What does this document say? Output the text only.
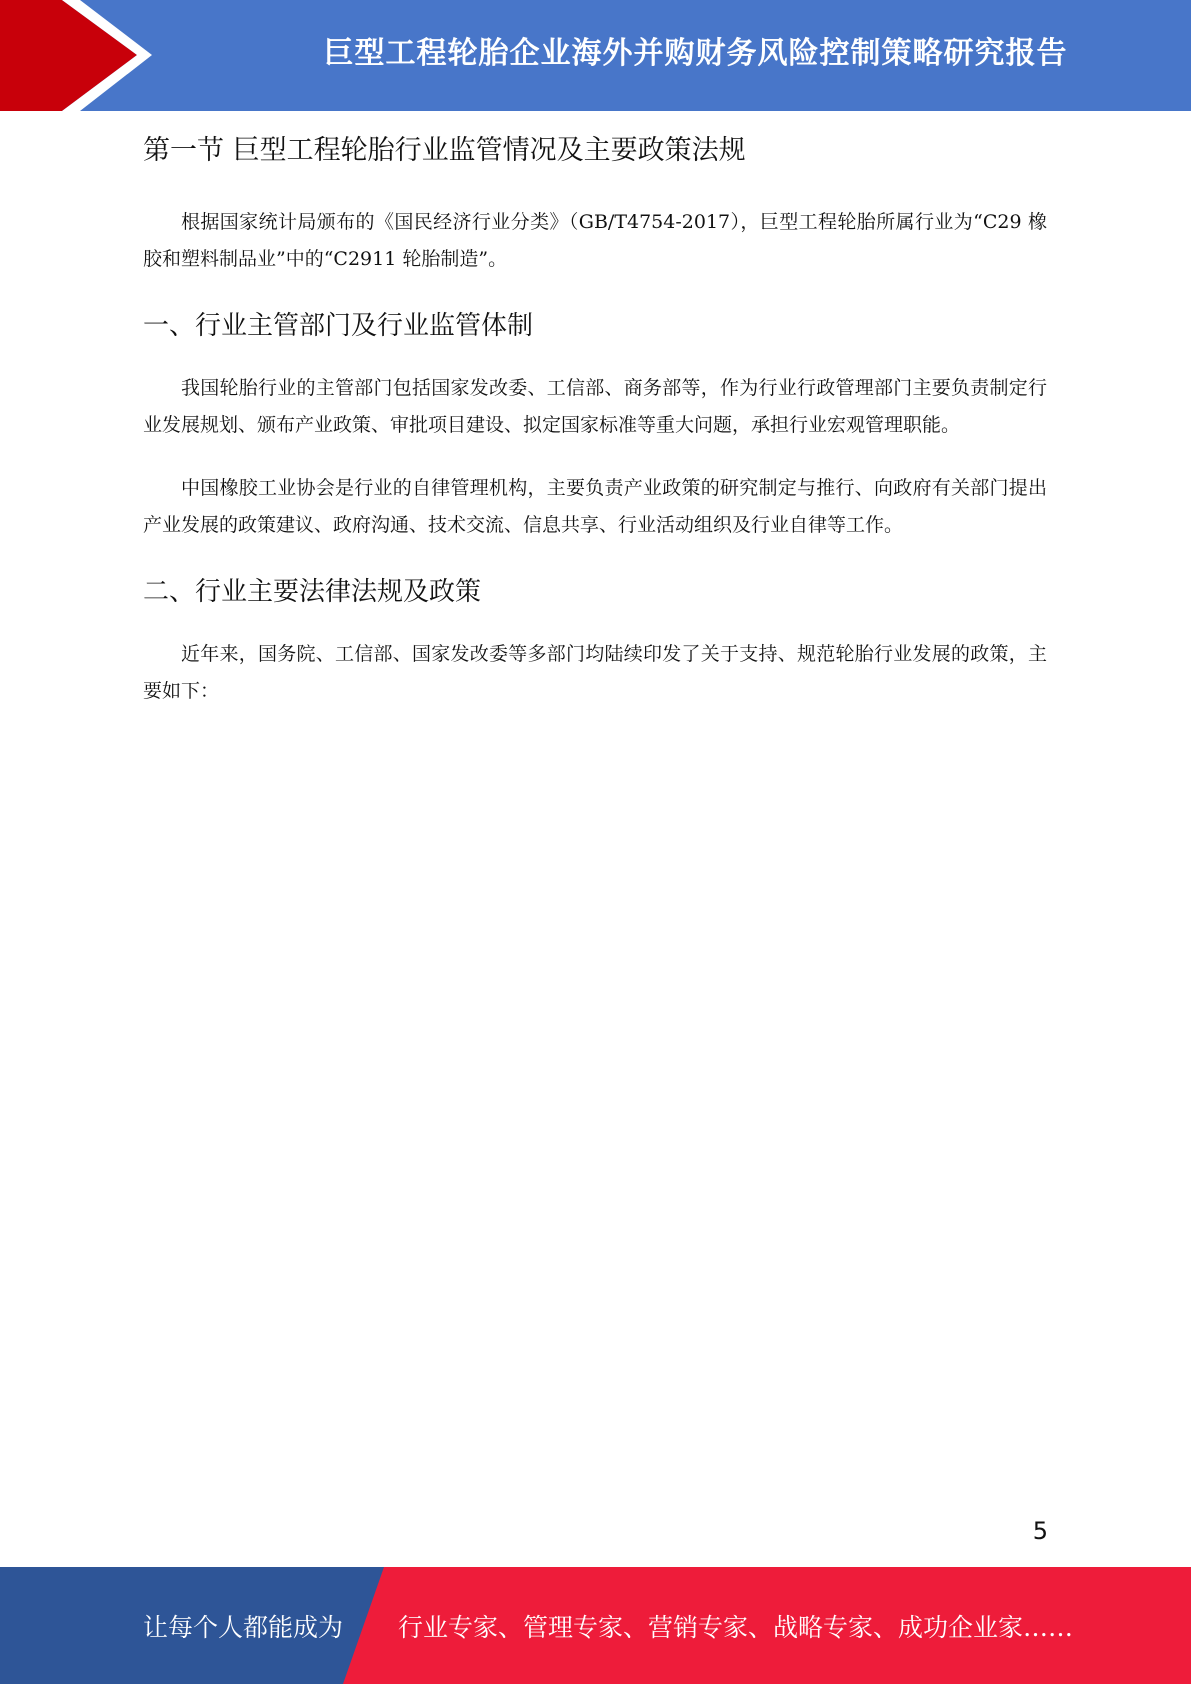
巨型工程轮胎企业海外并购财务风险控制策略研究报告
第一节 巨型工程轮胎行业监管情况及主要政策法规

根据国家统计局颁布的《国民经济行业分类》（GB/T4754-2017），巨型工程轮胎所属行业为“C29 橡胶和塑料制品业”中的“C2911 轮胎制造”。

一、行业主管部门及行业监管体制

我国轮胎行业的主管部门包括国家发改委、工信部、商务部等，作为行业行政管理部门主要负责制定行业发展规划、颁布产业政策、审批项目建设、拟定国家标准等重大问题，承担行业宏观管理职能。

中国橡胶工业协会是行业的自律管理机构，主要负责产业政策的研究制定与推行、向政府有关部门提出产业发展的政策建议、政府沟通、技术交流、信息共享、行业活动组织及行业自律等工作。

二、行业主要法律法规及政策

近年来，国务院、工信部、国家发改委等多部门均陆续印发了关于支持、规范轮胎行业发展的政策，主要如下：

5
让每个人都能成为 行业专家、管理专家、营销专家、战略专家、成功企业家……
